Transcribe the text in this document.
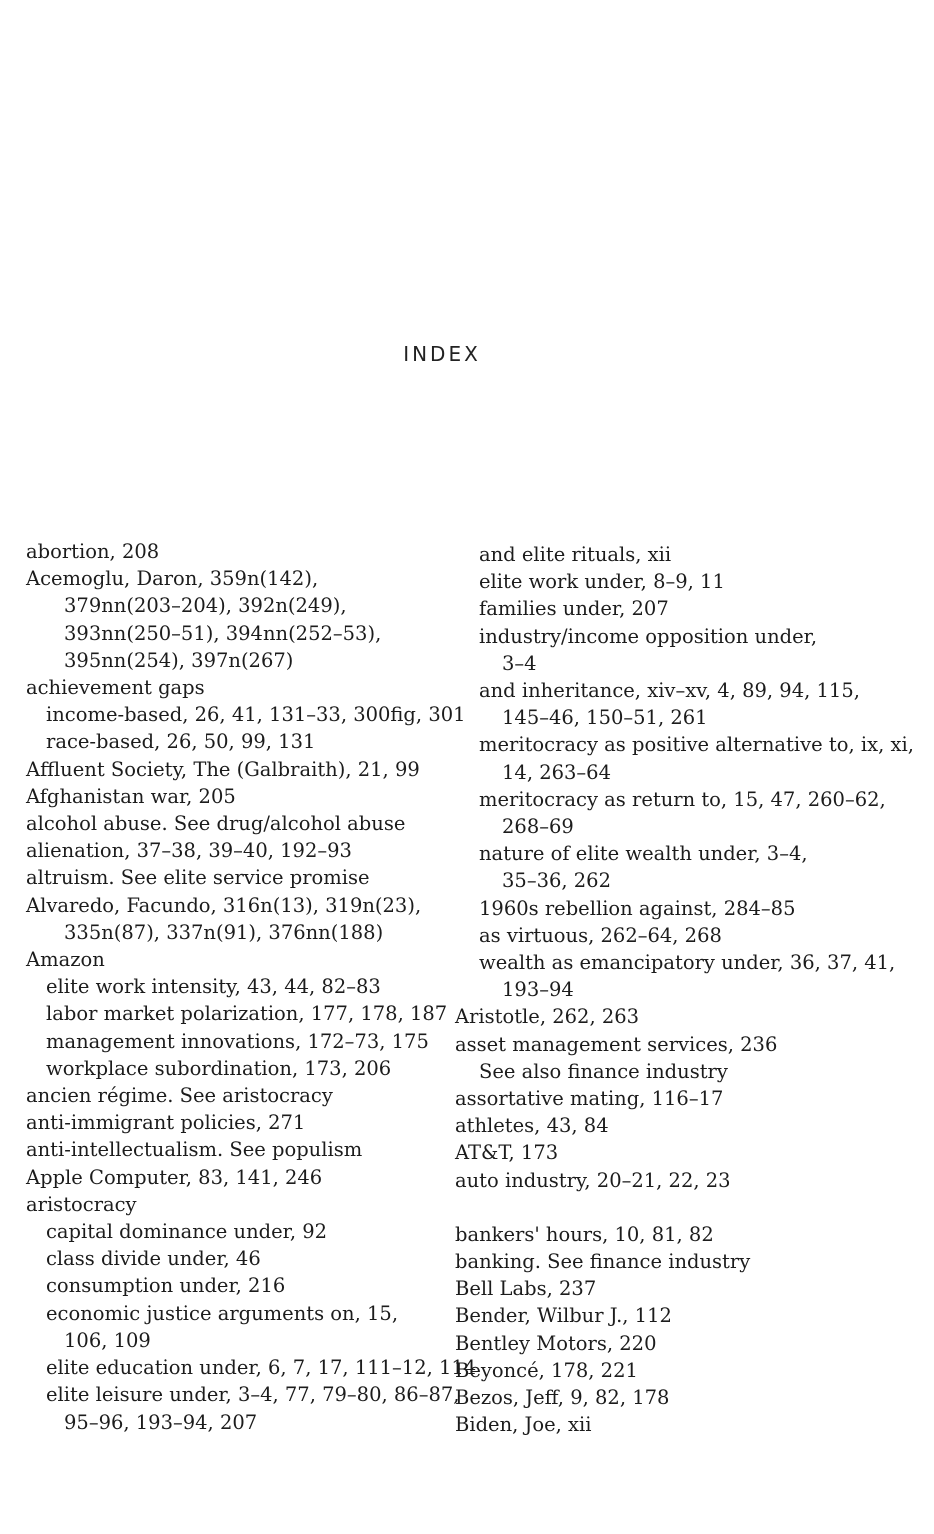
INDEX
abortion, 208
Acemoglu, Daron, 359n(142),
379nn(203–204), 392n(249),
393nn(250–51), 394nn(252–53),
395nn(254), 397n(267)
achievement gaps
income-based, 26, 41, 131–33, 300fig, 301
race-based, 26, 50, 99, 131
Affluent Society, The (Galbraith), 21, 99
Afghanistan war, 205
alcohol abuse. See drug/alcohol abuse
alienation, 37–38, 39–40, 192–93
altruism. See elite service promise
Alvaredo, Facundo, 316n(13), 319n(23),
335n(87), 337n(91), 376nn(188)
Amazon
elite work intensity, 43, 44, 82–83
labor market polarization, 177, 178, 187
management innovations, 172–73, 175
workplace subordination, 173, 206
ancien régime. See aristocracy
anti-immigrant policies, 271
anti-intellectualism. See populism
Apple Computer, 83, 141, 246
aristocracy
capital dominance under, 92
class divide under, 46
consumption under, 216
economic justice arguments on, 15,
106, 109
elite education under, 6, 7, 17, 111–12, 114
elite leisure under, 3–4, 77, 79–80, 86–87,
95–96, 193–94, 207
and elite rituals, xii
elite work under, 8–9, 11
families under, 207
industry/income opposition under,
3–4
and inheritance, xiv–xv, 4, 89, 94, 115,
145–46, 150–51, 261
meritocracy as positive alternative to, ix, xi,
14, 263–64
meritocracy as return to, 15, 47, 260–62,
268–69
nature of elite wealth under, 3–4,
35–36, 262
1960s rebellion against, 284–85
as virtuous, 262–64, 268
wealth as emancipatory under, 36, 37, 41,
193–94
Aristotle, 262, 263
asset management services, 236
See also finance industry
assortative mating, 116–17
athletes, 43, 84
AT&T, 173
auto industry, 20–21, 22, 23
bankers' hours, 10, 81, 82
banking. See finance industry
Bell Labs, 237
Bender, Wilbur J., 112
Bentley Motors, 220
Beyoncé, 178, 221
Bezos, Jeff, 9, 82, 178
Biden, Joe, xii
